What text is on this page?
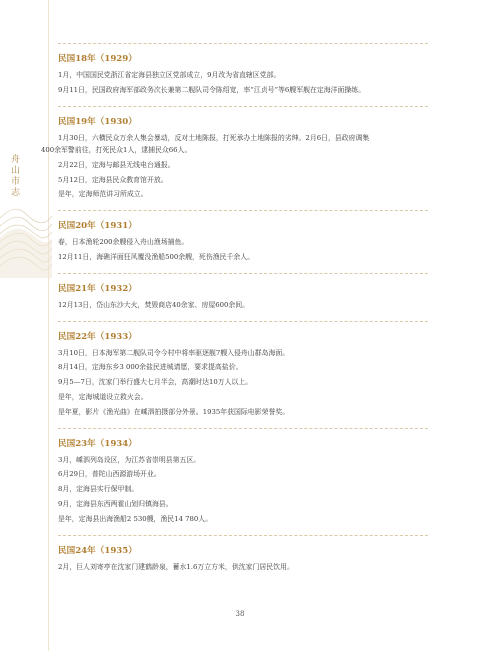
舟山市志
民国18年（1929）
1月，中国国民党浙江省定海县独立区党部成立，9月改为省直辖区党部。
9月11日，民国政府海军部政务次长兼第二舰队司令陈绍宽，率“江贞号”等6艘军舰在定海洋面操练。
民国19年（1930）
1月30日，六横民众万余人集会暴动，反对土地陈报，打死承办土地陈报的劣绅。2月6日，县政府调集
400余军警前往，打死民众1人，逮捕民众66人。
2月22日，定海与邮县无线电台通报。
5月12日，定海县民众教育馆开放。
是年，定海师范讲习所成立。
民国20年（1931）
春，日本渔轮200余艘侵入舟山渔场捕鱼。
12月11日，海礁洋面狂风覆没渔船500余艘，死伤渔民千余人。
民国21年（1932）
12月13日，岱山东沙大火，焚毁商店40余家、房屋600余间。
民国22年（1933）
3月10日，日本海军第二舰队司令今村中将率驱逐舰7艘入侵舟山群岛海面。
8月14日，定海东乡3 000余盐民进城请愿，要求提高盐价。
9月5—7日，沈家门举行盛大七月半会，高潮时达10万人以上。
是年，定海城道设立救火会。
是年夏，影片《渔光曲》在嵊泗拍摄部分外景。1935年获国际电影荣誉奖。
民国23年（1934）
3月，嵊泗列岛设区，为江苏省崇明县第五区。
6月29日，普陀山西源游场开业。
8月，定海县实行保甲制。
9月，定海县东西两霍山划归镇海县。
是年，定海县出海渔船2 530艘，渔民14 780人。
民国24年（1935）
2月，巨人刘寄亭在沈家门建鹤龄泉，蓄水1.6万立方米，供沈家门居民饮用。
38
